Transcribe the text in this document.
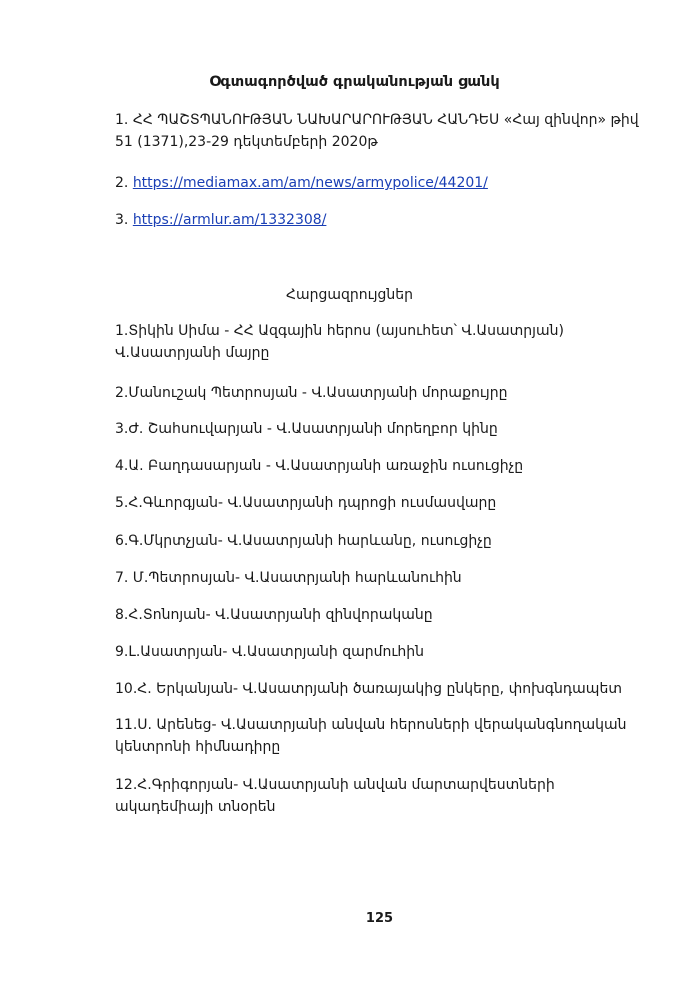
Օգտագործված գրականության ցանկ

1. ՀՀ ՊԱՇՏՊԱՆՈՒԹՅԱՆ ՆԱԽԱՐԱՐՈՒԹՅԱՆ ՀԱՆԴԵՍ «Հայ զինվոր» թիվ 51 (1371),23-29 դեկտեմբերի 2020թ

2. https://mediamax.am/am/news/armypolice/44201/

3. https://armlur.am/1332308/

Հարցազրույցներ

1.Տիկին Սիմա - ՀՀ Ազգային հերոս (այսուհետ՝ Վ.Ասատրյան) Վ.Ասատրյանի մայրը

2.Մանուշակ Պետրոսյան - Վ.Ասատրյանի մորաքույրը

3.Ժ. Շահսուվարյան - Վ.Ասատրյանի մորեղբոր կինը

4.Ա. Բաղդասարյան - Վ.Ասատրյանի առաջին ուսուցիչը

5.Հ.Գևորգյան- Վ.Ասատրյանի դպրոցի ուսմասվարը

6.Գ.Մկրտչյան- Վ.Ասատրյանի հարևանը, ուսուցիչը

7. Մ.Պետրոսյան- Վ.Ասատրյանի հարևանուհին

8.Հ.Տոնոյան- Վ.Ասատրյանի զինվորականը

9.Լ.Ասատրյան- Վ.Ասատրյանի զարմուհին

10.Հ. Երկանյան- Վ.Ասատրյանի ծառայակից ընկերը, փոխգնդապետ

11.Ս. Արենեց- Վ.Ասատրյանի անվան հերոսների վերականգնողական կենտրոնի հիմնադիրը

12.Հ.Գրիգորյան- Վ.Ասատրյանի անվան մարտարվեստների ակադեմիայի տնօրեն

125
